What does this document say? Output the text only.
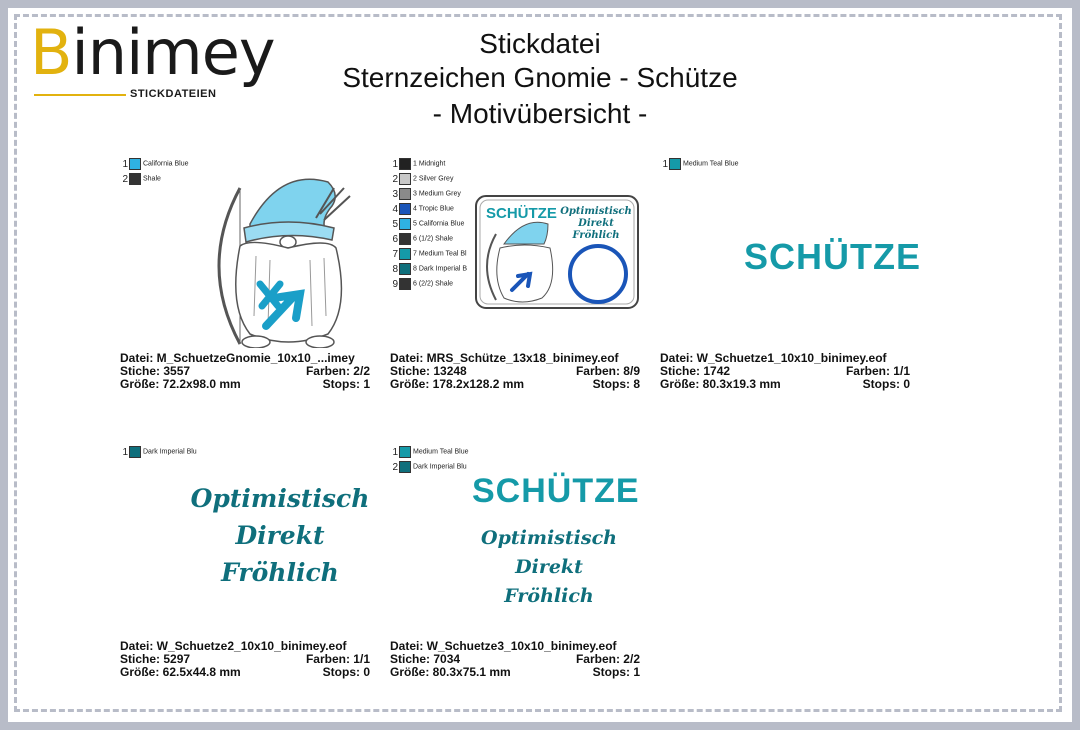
Binimey
STICKDATEIEN
Stickdatei
Sternzeichen Gnomie - Schütze
- Motivübersicht -
1 California Blue
2 Shale
Datei: M_SchuetzeGnomie_10x10_...imey
Stiche: 3557	Farben: 2/2
Größe: 72.2x98.0 mm	Stops: 1
1 1 Midnight
2 2 Silver Grey
3 3 Medium Grey
4 4 Tropic Blue
5 5 California Blue
6 6 (1/2) Shale
7 7 Medium Teal Bl
8 8 Dark Imperial B
9 6 (2/2) Shale
SCHÜTZE Optimistisch
Direkt
Fröhlich
Datei: MRS_Schütze_13x18_binimey.eof
Stiche: 13248	Farben: 8/9
Größe: 178.2x128.2 mm	Stops: 8
1 Medium Teal Blue
SCHÜTZE
Datei: W_Schuetze1_10x10_binimey.eof
Stiche: 1742	Farben: 1/1
Größe: 80.3x19.3 mm	Stops: 0
1 Dark Imperial Blu
Optimistisch
Direkt
Fröhlich
Datei: W_Schuetze2_10x10_binimey.eof
Stiche: 5297	Farben: 1/1
Größe: 62.5x44.8 mm	Stops: 0
1 Medium Teal Blue
2 Dark Imperial Blu
SCHÜTZE
Optimistisch
Direkt
Fröhlich
Datei: W_Schuetze3_10x10_binimey.eof
Stiche: 7034	Farben: 2/2
Größe: 80.3x75.1 mm	Stops: 1
